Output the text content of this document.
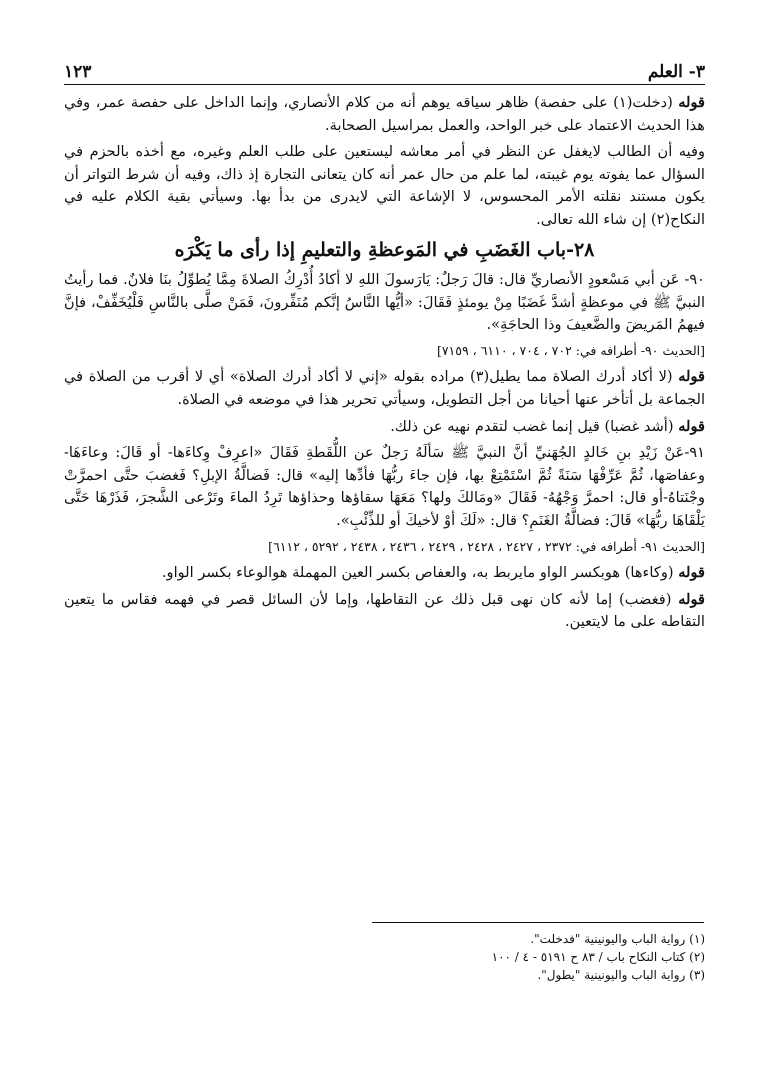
٣- العلم
١٢٣

قوله (دخلت(١) على حفصة) ظاهر سياقه يوهم أنه من كلام الأنصاري، وإنما الداخل على حفصة عمر، وفي هذا الحديث الاعتماد على خبر الواحد، والعمل بمراسيل الصحابة.

وفيه أن الطالب لايغفل عن النظر في أمر معاشه ليستعين على طلب العلم وغيره، مع أخذه بالحزم في السؤال عما يفوته يوم غيبته، لما علم من حال عمر أنه كان يتعانى التجارة إذ ذاك، وفيه أن شرط التواتر أن يكون مستند نقلته الأمر المحسوس، لا الإشاعة التي لايدرى من بدأ بها. وسيأتي بقية الكلام عليه في النكاح(٢) إن شاء الله تعالى.

٢٨-باب الغَضَبِ في المَوعظةِ والتعليمِ إذا رأى ما يَكْرَه

٩٠- عَن أبي مَسْعودٍ الأنصاريِّ قال: قالَ رَجلٌ: يَارَسولَ اللهِ لا أكادُ أُدْرِكُ الصلاةَ مِمَّا يُطوِّلُ بنَا فلانٌ. فما رأيتُ النبيَّ ﷺ في موعظةٍ أشدَّ غَضَبًا مِنْ يومئذٍ فَقَالَ: «أيُّها النَّاسُ إنَّكم مُنَفِّرونَ، فَمَنْ صلَّى بالنَّاسِ فَلْيُخَفِّفْ، فإنَّ فيهمُ المَريضَ والضَّعيفَ وذا الحاجَةِ».

[الحديث ٩٠- أطرافه في: ٧٠٢ ، ٧٠٤ ، ٦١١٠ ، ٧١٥٩]

قوله (لا أكاد أدرك الصلاة مما يطيل(٣) مراده بقوله «إني لا أكاد أدرك الصلاة» أي لا أقرب من الصلاة في الجماعة بل أتأخر عنها أحيانا من أجل التطويل، وسيأتي تحرير هذا في موضعه في الصلاة.

قوله (أشد غضبا) قيل إنما غضب لتقدم نهيه عن ذلك.

٩١-عَنْ زَيْدِ بنِ خَالدٍ الجُهَنيِّ أنَّ النبيَّ ﷺ سَألَهُ رَجلٌ عن اللُّقَطةِ فَقَالَ «اعرِفْ وِكاءَها- أو قَالَ: وعاءَهَا- وعفاصَها، ثُمَّ عَرِّفْهَا سَنَةً ثُمَّ اسْتَمْتِعْ بها، فإن جاءَ ربُّهَا فأدِّها إليه» قال: فَضالَّةُ الإبلِ؟ فَغضبَ حتَّى احمرَّتْ وجْنَتاهُ-أو قال: احمرَّ وَجْهُهُ- فَقَالَ «ومَالكَ ولها؟ مَعَهَا سقاؤها وحذاؤها تَرِدُ الماءَ وتَرْعى الشَّجرَ، فَذَرْهَا حَتَّى يَلْقَاهَا ربُّهَا» قَالَ: فضالَّةُ الغَنَمِ؟ قال: «لَكَ أوْ لأخيكَ أو للذِّئْبِ».

[الحديث ٩١- أطرافه في: ٢٣٧٢ ، ٢٤٢٧ ، ٢٤٢٨ ، ٢٤٢٩ ، ٢٤٣٦ ، ٢٤٣٨ ، ٥٢٩٢ ، ٦١١٢]

قوله (وكاءها) هوبكسر الواو مايربط به، والعفاص بكسر العين المهملة هوالوعاء بكسر الواو.

قوله (فغضب) إما لأنه كان نهى قبل ذلك عن التقاطها، وإما لأن السائل قصر في فهمه فقاس ما يتعين التقاطه على ما لايتعين.

(١) رواية الباب واليونينية "فدخلت".

(٢) كتاب النكاح باب / ٨٣ ح ٥١٩١ - ٤ / ١٠٠

(٣) رواية الباب واليونينية "يطول".
